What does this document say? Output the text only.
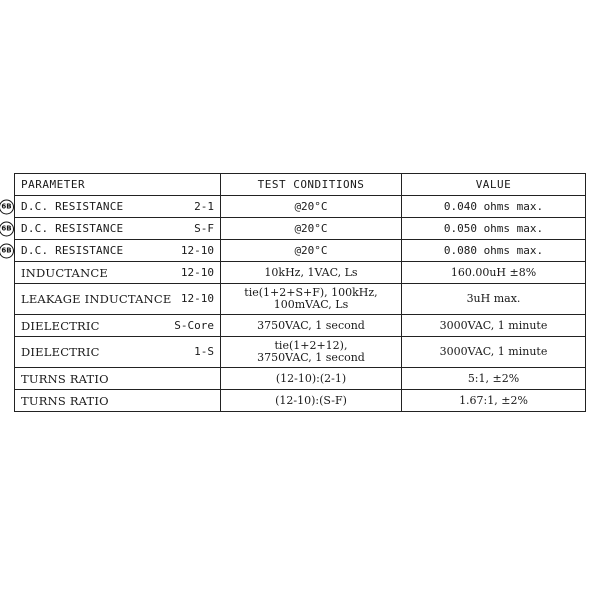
PARAMETER	TEST CONDITIONS	VALUE

6B D.C. RESISTANCE 2-1	@20°C	0.040 ohms max.

6B D.C. RESISTANCE S-F	@20°C	0.050 ohms max.

6B D.C. RESISTANCE 12-10	@20°C	0.080 ohms max.

INDUCTANCE 12-10	10kHz, 1VAC, Ls	160.00uH ±8%

LEAKAGE INDUCTANCE 12-10	tie(1+2+S+F), 100kHz,
100mVAC, Ls	3uH max.

DIELECTRIC S-Core	3750VAC, 1 second	3000VAC, 1 minute

DIELECTRIC 1-S	tie(1+2+12),
3750VAC, 1 second	3000VAC, 1 minute

TURNS RATIO	(12-10):(2-1)	5:1, ±2%

TURNS RATIO	(12-10):(S-F)	1.67:1, ±2%
